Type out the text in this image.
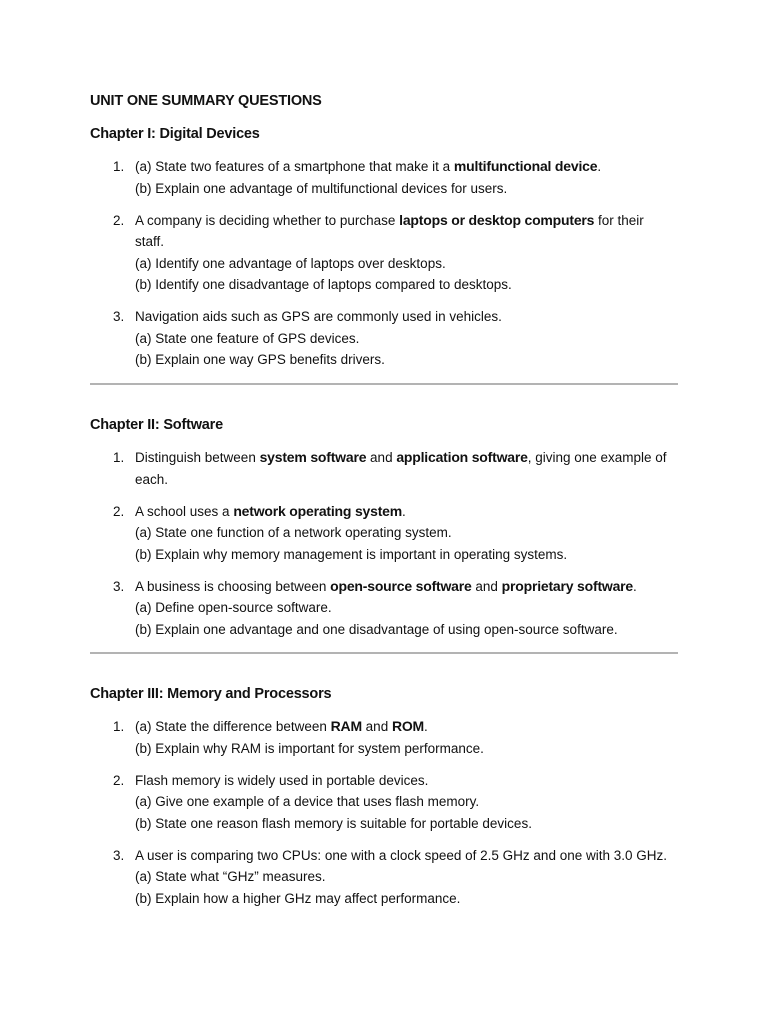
UNIT ONE SUMMARY QUESTIONS
Chapter I: Digital Devices
1. (a) State two features of a smartphone that make it a multifunctional device.
(b) Explain one advantage of multifunctional devices for users.
2. A company is deciding whether to purchase laptops or desktop computers for their
staff.
(a) Identify one advantage of laptops over desktops.
(b) Identify one disadvantage of laptops compared to desktops.
3. Navigation aids such as GPS are commonly used in vehicles.
(a) State one feature of GPS devices.
(b) Explain one way GPS benefits drivers.
Chapter II: Software
1. Distinguish between system software and application software, giving one example of
each.
2. A school uses a network operating system.
(a) State one function of a network operating system.
(b) Explain why memory management is important in operating systems.
3. A business is choosing between open-source software and proprietary software.
(a) Define open-source software.
(b) Explain one advantage and one disadvantage of using open-source software.
Chapter III: Memory and Processors
1. (a) State the difference between RAM and ROM.
(b) Explain why RAM is important for system performance.
2. Flash memory is widely used in portable devices.
(a) Give one example of a device that uses flash memory.
(b) State one reason flash memory is suitable for portable devices.
3. A user is comparing two CPUs: one with a clock speed of 2.5 GHz and one with 3.0 GHz.
(a) State what “GHz” measures.
(b) Explain how a higher GHz may affect performance.
